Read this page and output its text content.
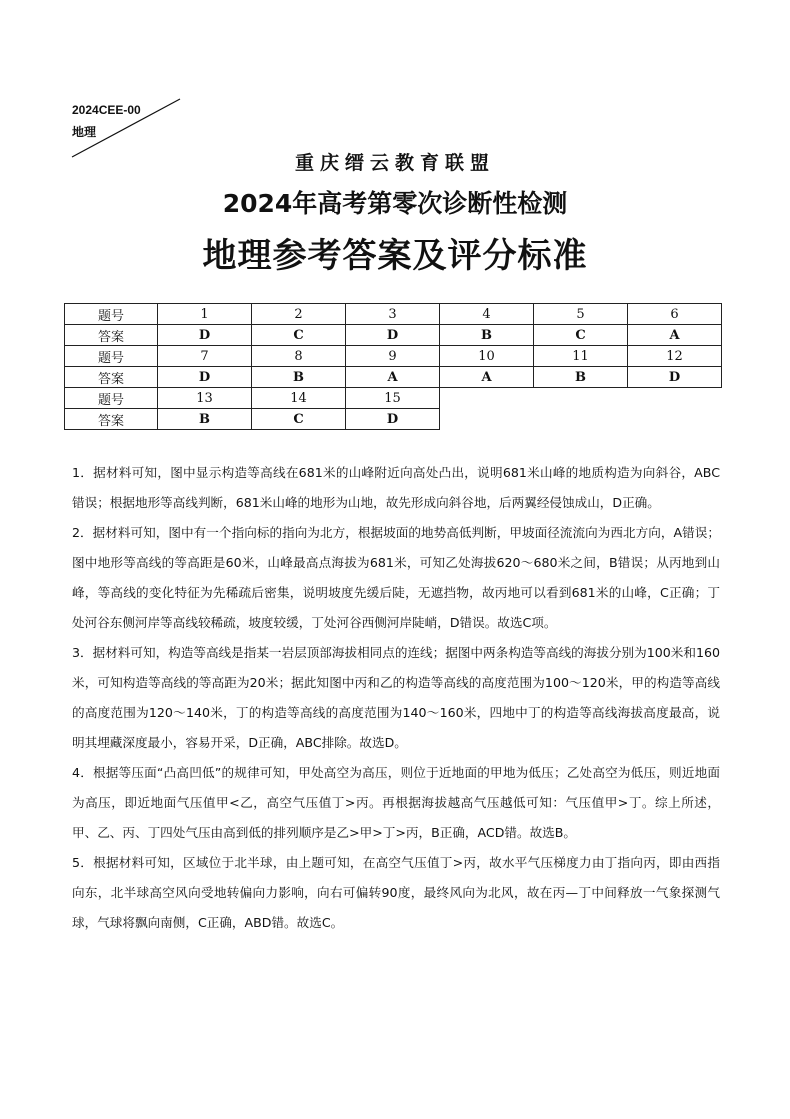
2024CEE-00
地理
重庆缙云教育联盟
2024年高考第零次诊断性检测
地理参考答案及评分标准
题号	1	2	3	4	5	6
答案	D	C	D	B	C	A
题号	7	8	9	10	11	12
答案	D	B	A	A	B	D
题号	13	14	15			
答案	B	C	D			

1．据材料可知，图中显示构造等高线在681米的山峰附近向高处凸出，说明681米山峰的地质构造为向斜谷，ABC错误；根据地形等高线判断，681米山峰的地形为山地，故先形成向斜谷地，后两翼经侵蚀成山，D正确。

2．据材料可知，图中有一个指向标的指向为北方，根据坡面的地势高低判断，甲坡面径流流向为西北方向，A错误；图中地形等高线的等高距是60米，山峰最高点海拔为681米，可知乙处海拔620～680米之间，B错误；从丙地到山峰，等高线的变化特征为先稀疏后密集，说明坡度先缓后陡，无遮挡物，故丙地可以看到681米的山峰，C正确；丁处河谷东侧河岸等高线较稀疏，坡度较缓，丁处河谷西侧河岸陡峭，D错误。故选C项。

3．据材料可知，构造等高线是指某一岩层顶部海拔相同点的连线；据图中两条构造等高线的海拔分别为100米和160米，可知构造等高线的等高距为20米；据此知图中丙和乙的构造等高线的高度范围为100～120米，甲的构造等高线的高度范围为120～140米，丁的构造等高线的高度范围为140～160米，四地中丁的构造等高线海拔高度最高，说明其埋藏深度最小，容易开采，D正确，ABC排除。故选D。

4．根据等压面“凸高凹低”的规律可知，甲处高空为高压，则位于近地面的甲地为低压；乙处高空为低压，则近地面为高压，即近地面气压值甲<乙，高空气压值丁>丙。再根据海拔越高气压越低可知：气压值甲>丁。综上所述，甲、乙、丙、丁四处气压由高到低的排列顺序是乙>甲>丁>丙，B正确，ACD错。故选B。

5．根据材料可知，区域位于北半球，由上题可知，在高空气压值丁>丙，故水平气压梯度力由丁指向丙，即由西指向东，北半球高空风向受地转偏向力影响，向右可偏转90度，最终风向为北风，故在丙—丁中间释放一气象探测气球，气球将飘向南侧，C正确，ABD错。故选C。
